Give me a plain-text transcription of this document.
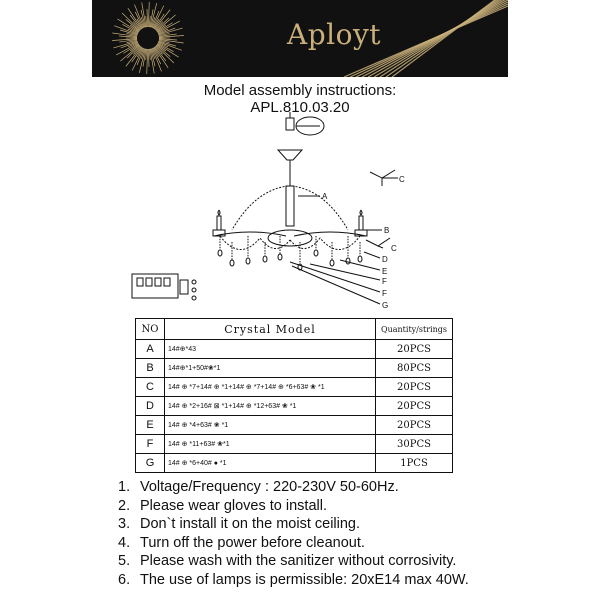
Aployt
Model assembly instructions:
APL.810.03.20
A
B
C
C
D
E
F
F
G
NO	Crystal Model	Quantity/strings
A	14#⊕*43	20PCS
B	14#⊕*1+50#❀*1	80PCS
C	14# ⊕ *7+14# ⊕ *1+14# ⊕ *7+14# ⊕ *6+63# ❀ *1	20PCS
D	14# ⊕ *2+16# ⊠ *1+14# ⊕ *12+63# ❀ *1	20PCS
E	14# ⊕ *4+63# ❀ *1	20PCS
F	14# ⊕ *11+63# ❀*1	30PCS
G	14# ⊕ *6+40# ● *1	1PCS
1. Voltage/Frequency : 220-230V 50-60Hz.
2. Please wear gloves to install.
3. Don`t install it on the moist ceiling.
4. Turn off the power before cleanout.
5. Please wash with the sanitizer without corrosivity.
6. The use of lamps is permissible: 20xE14 max 40W.
